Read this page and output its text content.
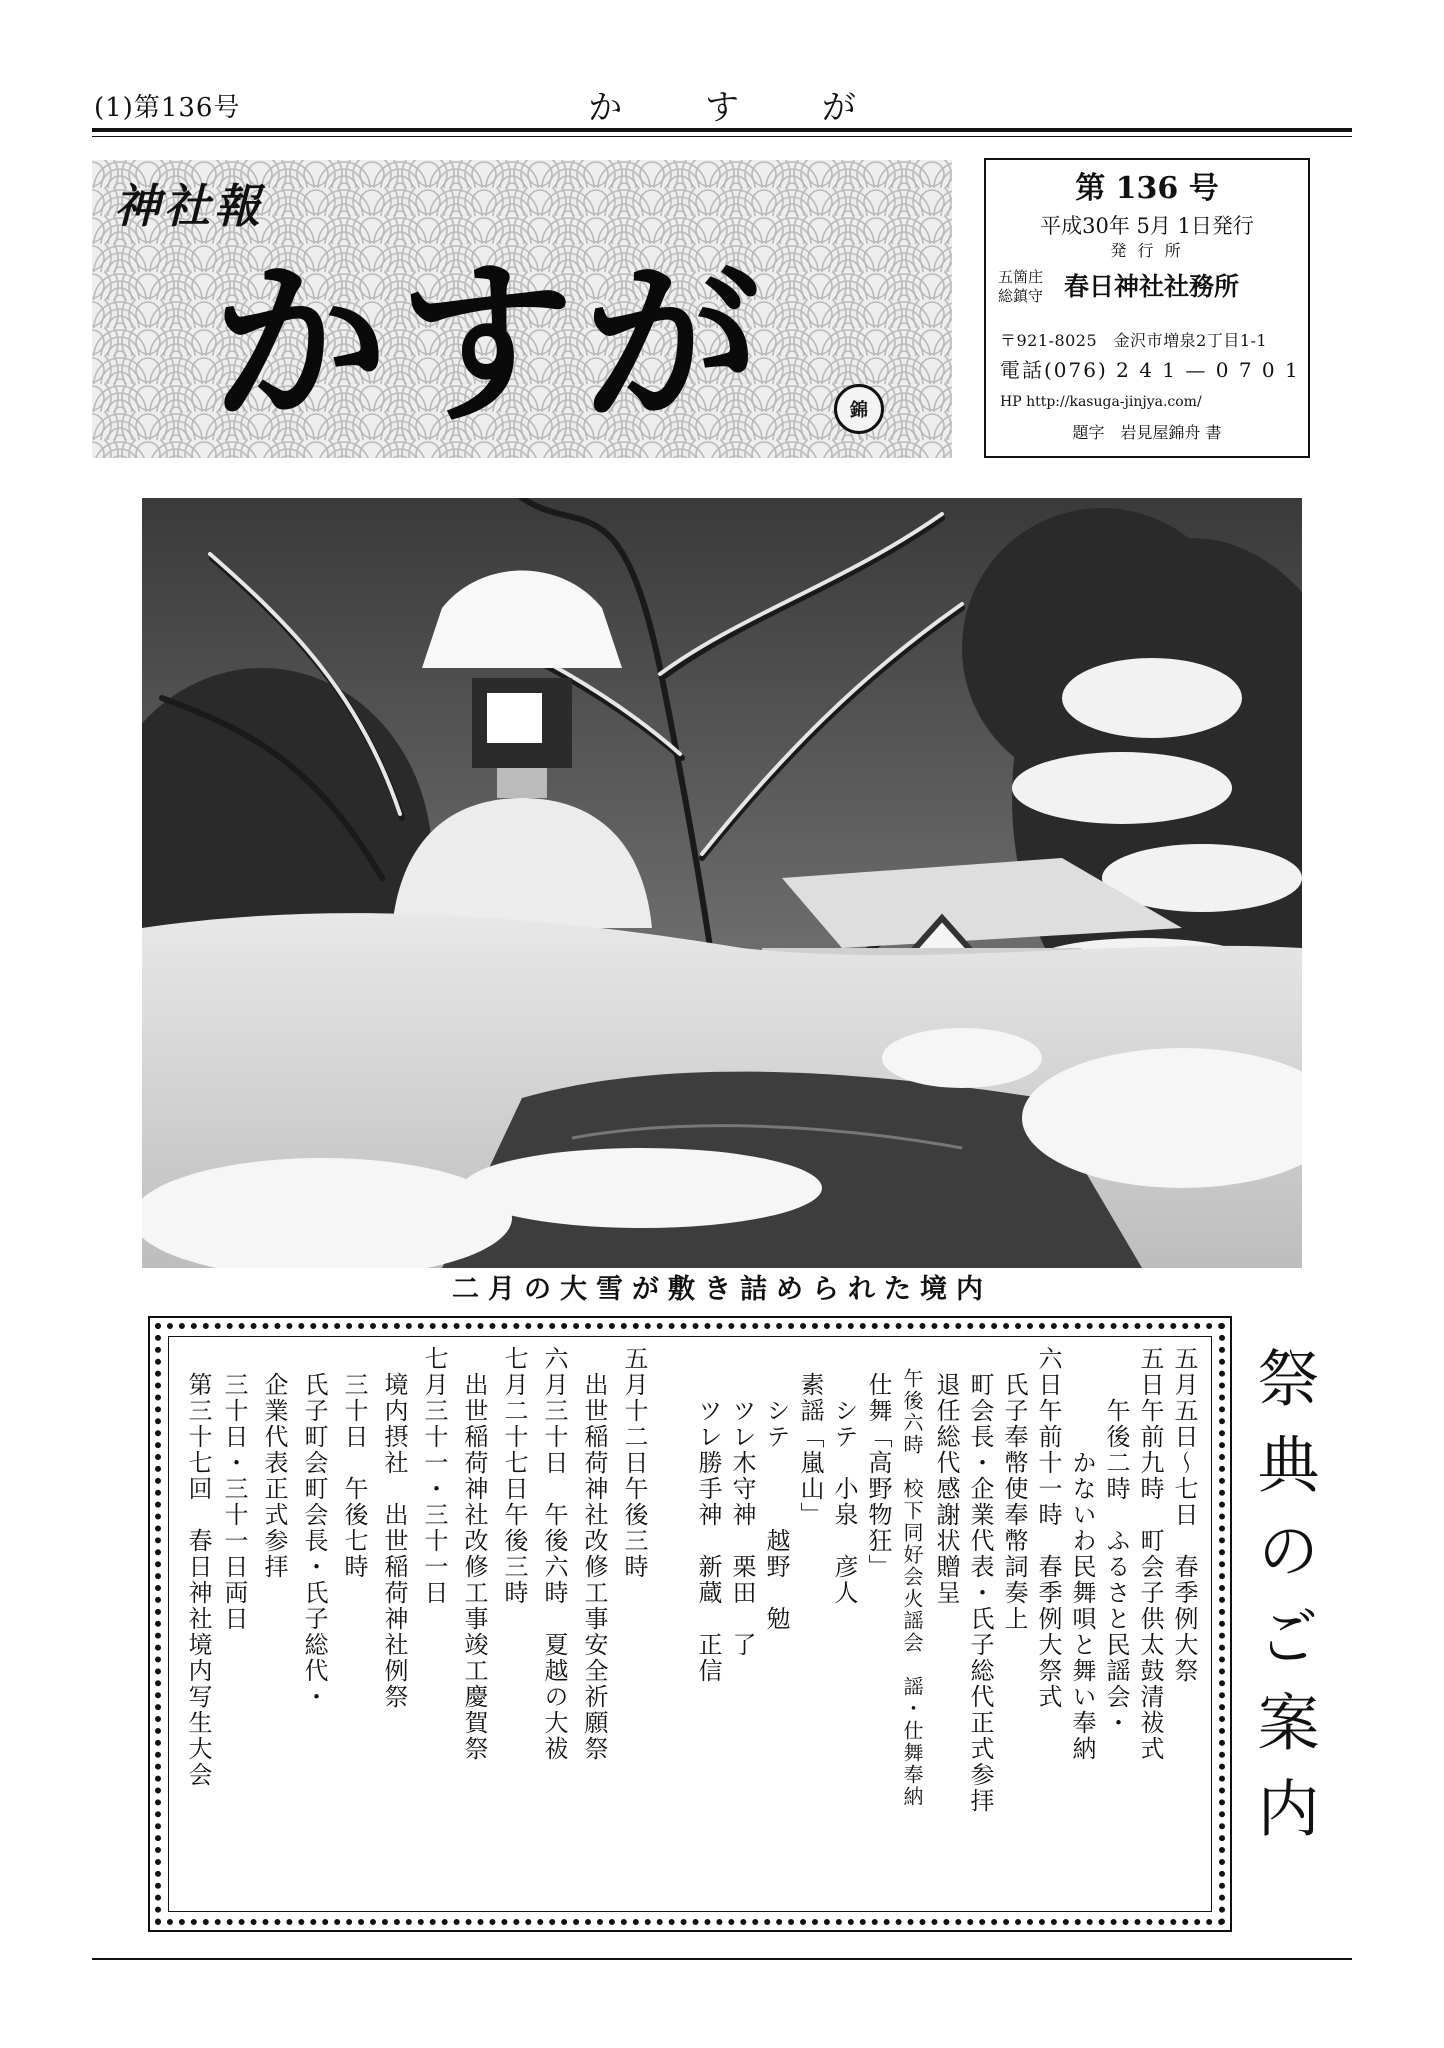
(1)第136号	か す が
神社報
かすが	錦
第 136 号
平成30年 5月 1日発行
発 行 所
五箇庄 総鎮守 春日神社社務所
〒921-8025　金沢市増泉2丁目1-1
電話(076) 2 4 1 — 0 7 0 1
HP http://kasuga-jinjya.com/
題字　岩見屋錦舟 書
二月の大雪が敷き詰められた境内
祭典のご案内
五月五日～七日　春季例大祭
五日午前九時　町会子供太鼓清祓式
　　午後二時　ふるさと民謡会・
　　　　かないわ民舞唄と舞い奉納
六日午前十一時　春季例大祭式
　氏子奉幣使奉幣詞奏上
　町会長・企業代表・氏子総代正式参拝
　退任総代感謝状贈呈
　午後六時　校下同好会火謡会　謡・仕舞奉納
　仕舞「高野物狂」
　　シテ　小泉　彦人
　素謡「嵐山」
　　シテ　　　越野　勉
　　ツレ木守神　栗田　了
　　ツレ勝手神　新蔵　正信
五月十二日午後三時
　出世稲荷神社改修工事安全祈願祭
六月三十日　午後六時　夏越の大祓
七月二十七日午後三時
　出世稲荷神社改修工事竣工慶賀祭
七月三十一・三十一日
　境内摂社　出世稲荷神社例祭
　三十日　午後七時
　氏子町会町会長・氏子総代・
　企業代表正式参拝
　三十日・三十一日両日
　第三十七回　春日神社境内写生大会
